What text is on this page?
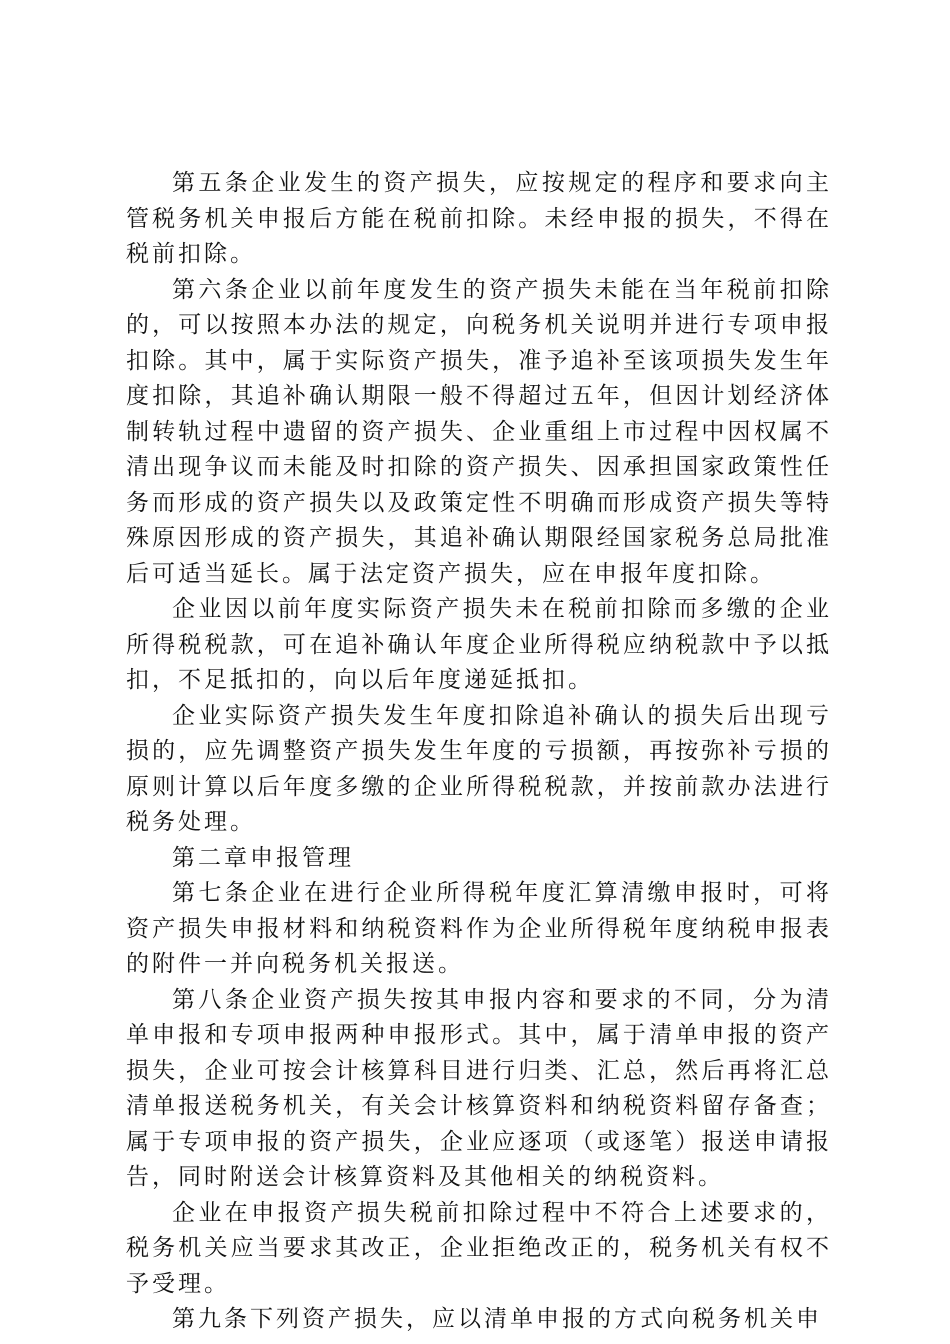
第五条企业发生的资产损失，应按规定的程序和要求向主管税务机关申报后方能在税前扣除。未经申报的损失，不得在税前扣除。

第六条企业以前年度发生的资产损失未能在当年税前扣除的，可以按照本办法的规定，向税务机关说明并进行专项申报扣除。其中，属于实际资产损失，准予追补至该项损失发生年度扣除，其追补确认期限一般不得超过五年，但因计划经济体制转轨过程中遗留的资产损失、企业重组上市过程中因权属不清出现争议而未能及时扣除的资产损失、因承担国家政策性任务而形成的资产损失以及政策定性不明确而形成资产损失等特殊原因形成的资产损失，其追补确认期限经国家税务总局批准后可适当延长。属于法定资产损失，应在申报年度扣除。

企业因以前年度实际资产损失未在税前扣除而多缴的企业所得税税款，可在追补确认年度企业所得税应纳税款中予以抵扣，不足抵扣的，向以后年度递延抵扣。

企业实际资产损失发生年度扣除追补确认的损失后出现亏损的，应先调整资产损失发生年度的亏损额，再按弥补亏损的原则计算以后年度多缴的企业所得税税款，并按前款办法进行税务处理。

第二章申报管理

第七条企业在进行企业所得税年度汇算清缴申报时，可将资产损失申报材料和纳税资料作为企业所得税年度纳税申报表的附件一并向税务机关报送。

第八条企业资产损失按其申报内容和要求的不同，分为清单申报和专项申报两种申报形式。其中，属于清单申报的资产损失，企业可按会计核算科目进行归类、汇总，然后再将汇总清单报送税务机关，有关会计核算资料和纳税资料留存备查；属于专项申报的资产损失，企业应逐项（或逐笔）报送申请报告，同时附送会计核算资料及其他相关的纳税资料。

企业在申报资产损失税前扣除过程中不符合上述要求的，税务机关应当要求其改正，企业拒绝改正的，税务机关有权不予受理。

第九条下列资产损失，应以清单申报的方式向税务机关申
